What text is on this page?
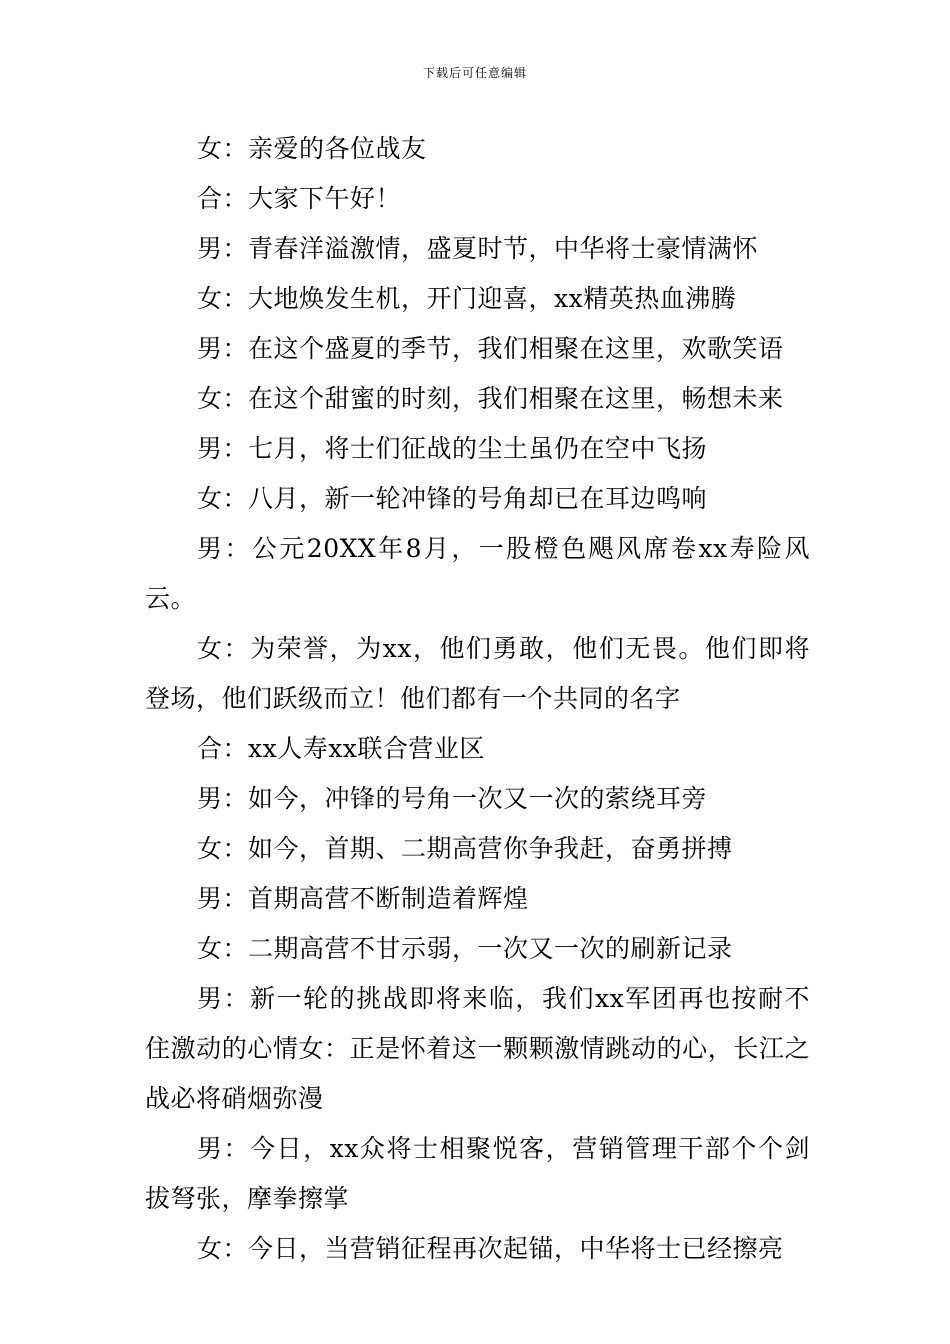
下载后可任意编辑

女：亲爱的各位战友

合：大家下午好！

男：青春洋溢激情，盛夏时节，中华将士豪情满怀

女：大地焕发生机，开门迎喜，xx精英热血沸腾

男：在这个盛夏的季节，我们相聚在这里，欢歌笑语

女：在这个甜蜜的时刻，我们相聚在这里，畅想未来

男：七月，将士们征战的尘土虽仍在空中飞扬

女：八月，新一轮冲锋的号角却已在耳边鸣响

男：公元20XX年8月，一股橙色飓风席卷xx寿险风云。

女：为荣誉，为xx，他们勇敢，他们无畏。他们即将登场，他们跃级而立！他们都有一个共同的名字

合：xx人寿xx联合营业区

男：如今，冲锋的号角一次又一次的萦绕耳旁

女：如今，首期、二期高营你争我赶，奋勇拼搏

男：首期高营不断制造着辉煌

女：二期高营不甘示弱，一次又一次的刷新记录

男：新一轮的挑战即将来临，我们xx军团再也按耐不住激动的心情女：正是怀着这一颗颗激情跳动的心，长江之战必将硝烟弥漫

男：今日，xx众将士相聚悦客，营销管理干部个个剑拔弩张，摩拳擦掌

女：今日，当营销征程再次起锚，中华将士已经擦亮
